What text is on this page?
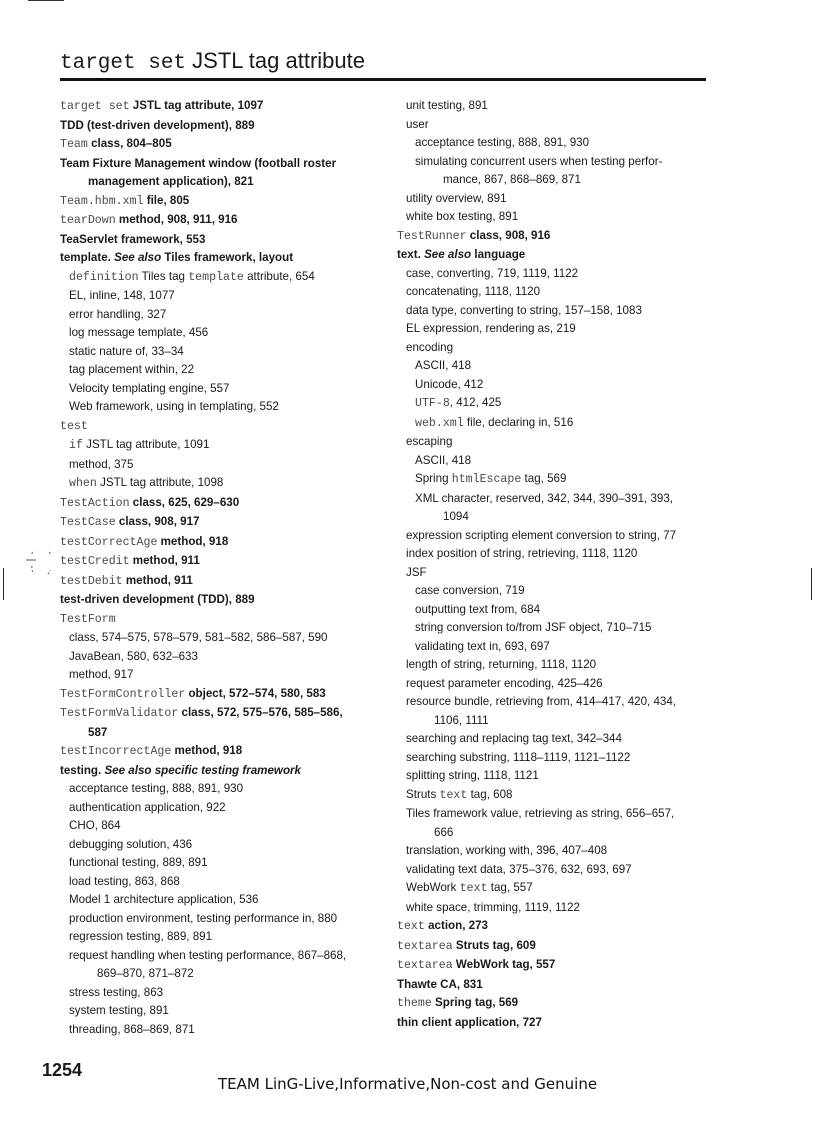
target set JSTL tag attribute
target set JSTL tag attribute, 1097
TDD (test-driven development), 889
Team class, 804–805
Team Fixture Management window (football roster
management application), 821
Team.hbm.xml file, 805
tearDown method, 908, 911, 916
TeaServlet framework, 553
template. See also Tiles framework, layout
definition Tiles tag template attribute, 654
EL, inline, 148, 1077
error handling, 327
log message template, 456
static nature of, 33–34
tag placement within, 22
Velocity templating engine, 557
Web framework, using in templating, 552
test
if JSTL tag attribute, 1091
method, 375
when JSTL tag attribute, 1098
TestAction class, 625, 629–630
TestCase class, 908, 917
testCorrectAge method, 918
testCredit method, 911
testDebit method, 911
test-driven development (TDD), 889
TestForm
class, 574–575, 578–579, 581–582, 586–587, 590
JavaBean, 580, 632–633
method, 917
TestFormController object, 572–574, 580, 583
TestFormValidator class, 572, 575–576, 585–586,
587
testIncorrectAge method, 918
testing. See also specific testing framework
acceptance testing, 888, 891, 930
authentication application, 922
CHO, 864
debugging solution, 436
functional testing, 889, 891
load testing, 863, 868
Model 1 architecture application, 536
production environment, testing performance in, 880
regression testing, 889, 891
request handling when testing performance, 867–868,
869–870, 871–872
stress testing, 863
system testing, 891
threading, 868–869, 871
unit testing, 891
user
acceptance testing, 888, 891, 930
simulating concurrent users when testing perfor-
mance, 867, 868–869, 871
utility overview, 891
white box testing, 891
TestRunner class, 908, 916
text. See also language
case, converting, 719, 1119, 1122
concatenating, 1118, 1120
data type, converting to string, 157–158, 1083
EL expression, rendering as, 219
encoding
ASCII, 418
Unicode, 412
UTF-8, 412, 425
web.xml file, declaring in, 516
escaping
ASCII, 418
Spring htmlEscape tag, 569
XML character, reserved, 342, 344, 390–391, 393,
1094
expression scripting element conversion to string, 77
index position of string, retrieving, 1118, 1120
JSF
case conversion, 719
outputting text from, 684
string conversion to/from JSF object, 710–715
validating text in, 693, 697
length of string, returning, 1118, 1120
request parameter encoding, 425–426
resource bundle, retrieving from, 414–417, 420, 434,
1106, 1111
searching and replacing tag text, 342–344
searching substring, 1118–1119, 1121–1122
splitting string, 1118, 1121
Struts text tag, 608
Tiles framework value, retrieving as string, 656–657,
666
translation, working with, 396, 407–408
validating text data, 375–376, 632, 693, 697
WebWork text tag, 557
white space, trimming, 1119, 1122
text action, 273
textarea Struts tag, 609
textarea WebWork tag, 557
Thawte CA, 831
theme Spring tag, 569
thin client application, 727
1254
TEAM LinG-Live,Informative,Non-cost and Genuine
